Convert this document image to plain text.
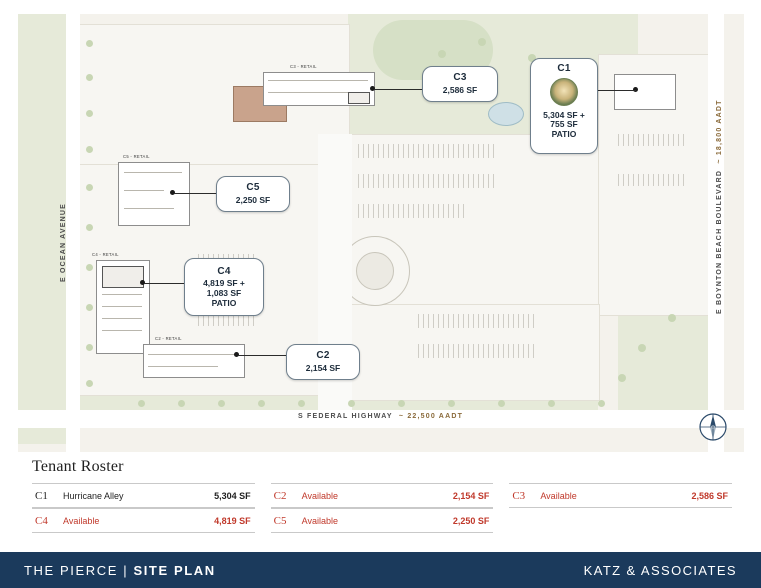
C3 - RETAIL
C5 - RETAIL
C4 - RETAIL
C2 - RETAIL
C3
2,586 SF
C1
5,304 SF +
755 SF
PATIO
C5
2,250 SF
C4
4,819 SF +
1,083 SF
PATIO
C2
2,154 SF
E OCEAN AVENUE
S FEDERAL HIGHWAY  ~ 22,500 AADT
E BOYNTON BEACH BOULEVARD  ~ 18,800 AADT
Tenant Roster
C1	Hurricane Alley	5,304 SF
C4	Available	4,819 SF
C2	Available	2,154 SF
C5	Available	2,250 SF
C3	Available	2,586 SF
THE PIERCE | SITE PLAN	KATZ & ASSOCIATES
